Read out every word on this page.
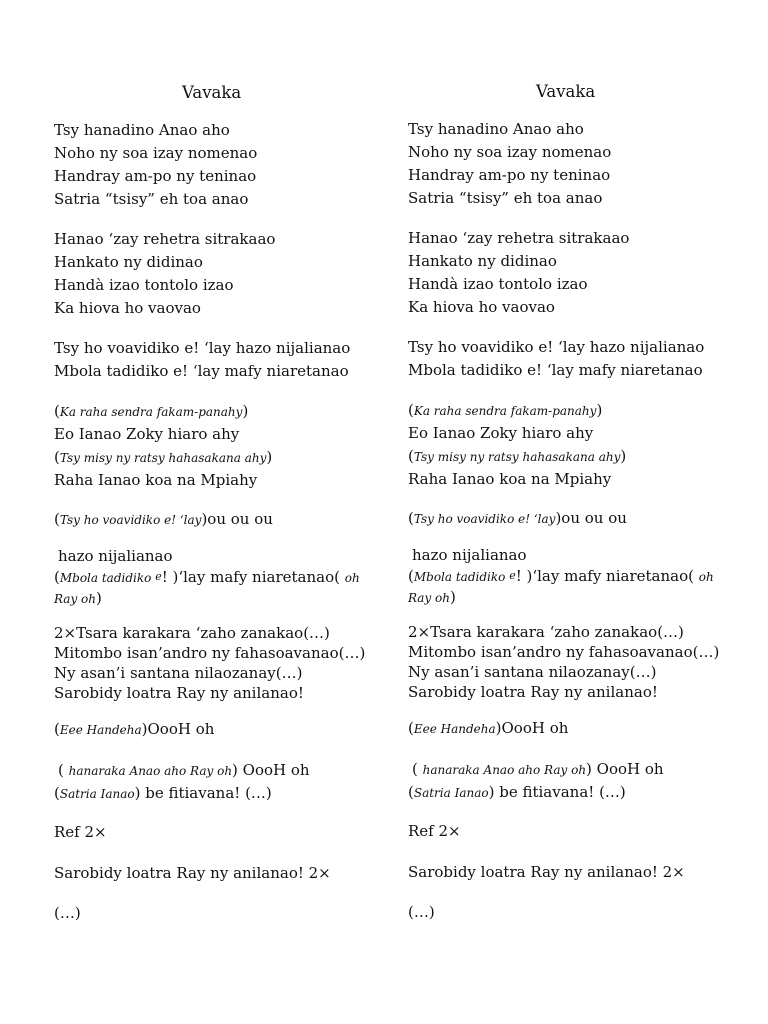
Vavaka
Tsy hanadino Anao aho
Noho ny soa izay nomenao
Handray am-po ny teninao
Satria “tsisy” eh toa anao
Hanao ‘zay rehetra sitrakaao
Hankato ny didinao
Handà izao tontolo izao
Ka hiova ho vaovao
Tsy ho voavidiko e! ‘lay hazo nijalianao
Mbola tadidiko e! ‘lay mafy niaretanao
(Ka raha sendra fakam-panahy)
Eo Ianao Zoky hiaro ahy
(Tsy misy ny ratsy hahasakana ahy)
Raha Ianao koa na Mpiahy
(Tsy ho voavidiko e! ‘lay)ou ou ou
hazo nijalianao
(Mbola tadidiko e! )‘lay mafy niaretanao( oh
Ray oh)
2×Tsara karakara ‘zaho zanakao(…)
Mitombo isan’andro ny fahasoavanao(…)
Ny asan’i santana nilaozanay(…)
Sarobidy loatra Ray ny anilanao!
(Eee Handeha)OooH oh
( hanaraka Anao aho Ray oh) OooH oh
(Satria Ianao) be fitiavana! (…)
Ref 2×
Sarobidy loatra Ray ny anilanao! 2×
(…)
Vavaka
Tsy hanadino Anao aho
Noho ny soa izay nomenao
Handray am-po ny teninao
Satria “tsisy” eh toa anao
Hanao ‘zay rehetra sitrakaao
Hankato ny didinao
Handà izao tontolo izao
Ka hiova ho vaovao
Tsy ho voavidiko e! ‘lay hazo nijalianao
Mbola tadidiko e! ‘lay mafy niaretanao
(Ka raha sendra fakam-panahy)
Eo Ianao Zoky hiaro ahy
(Tsy misy ny ratsy hahasakana ahy)
Raha Ianao koa na Mpiahy
(Tsy ho voavidiko e! ‘lay)ou ou ou
hazo nijalianao
(Mbola tadidiko e! )‘lay mafy niaretanao( oh
Ray oh)
2×Tsara karakara ‘zaho zanakao(…)
Mitombo isan’andro ny fahasoavanao(…)
Ny asan’i santana nilaozanay(…)
Sarobidy loatra Ray ny anilanao!
(Eee Handeha)OooH oh
( hanaraka Anao aho Ray oh) OooH oh
(Satria Ianao) be fitiavana! (…)
Ref 2×
Sarobidy loatra Ray ny anilanao! 2×
(…)
